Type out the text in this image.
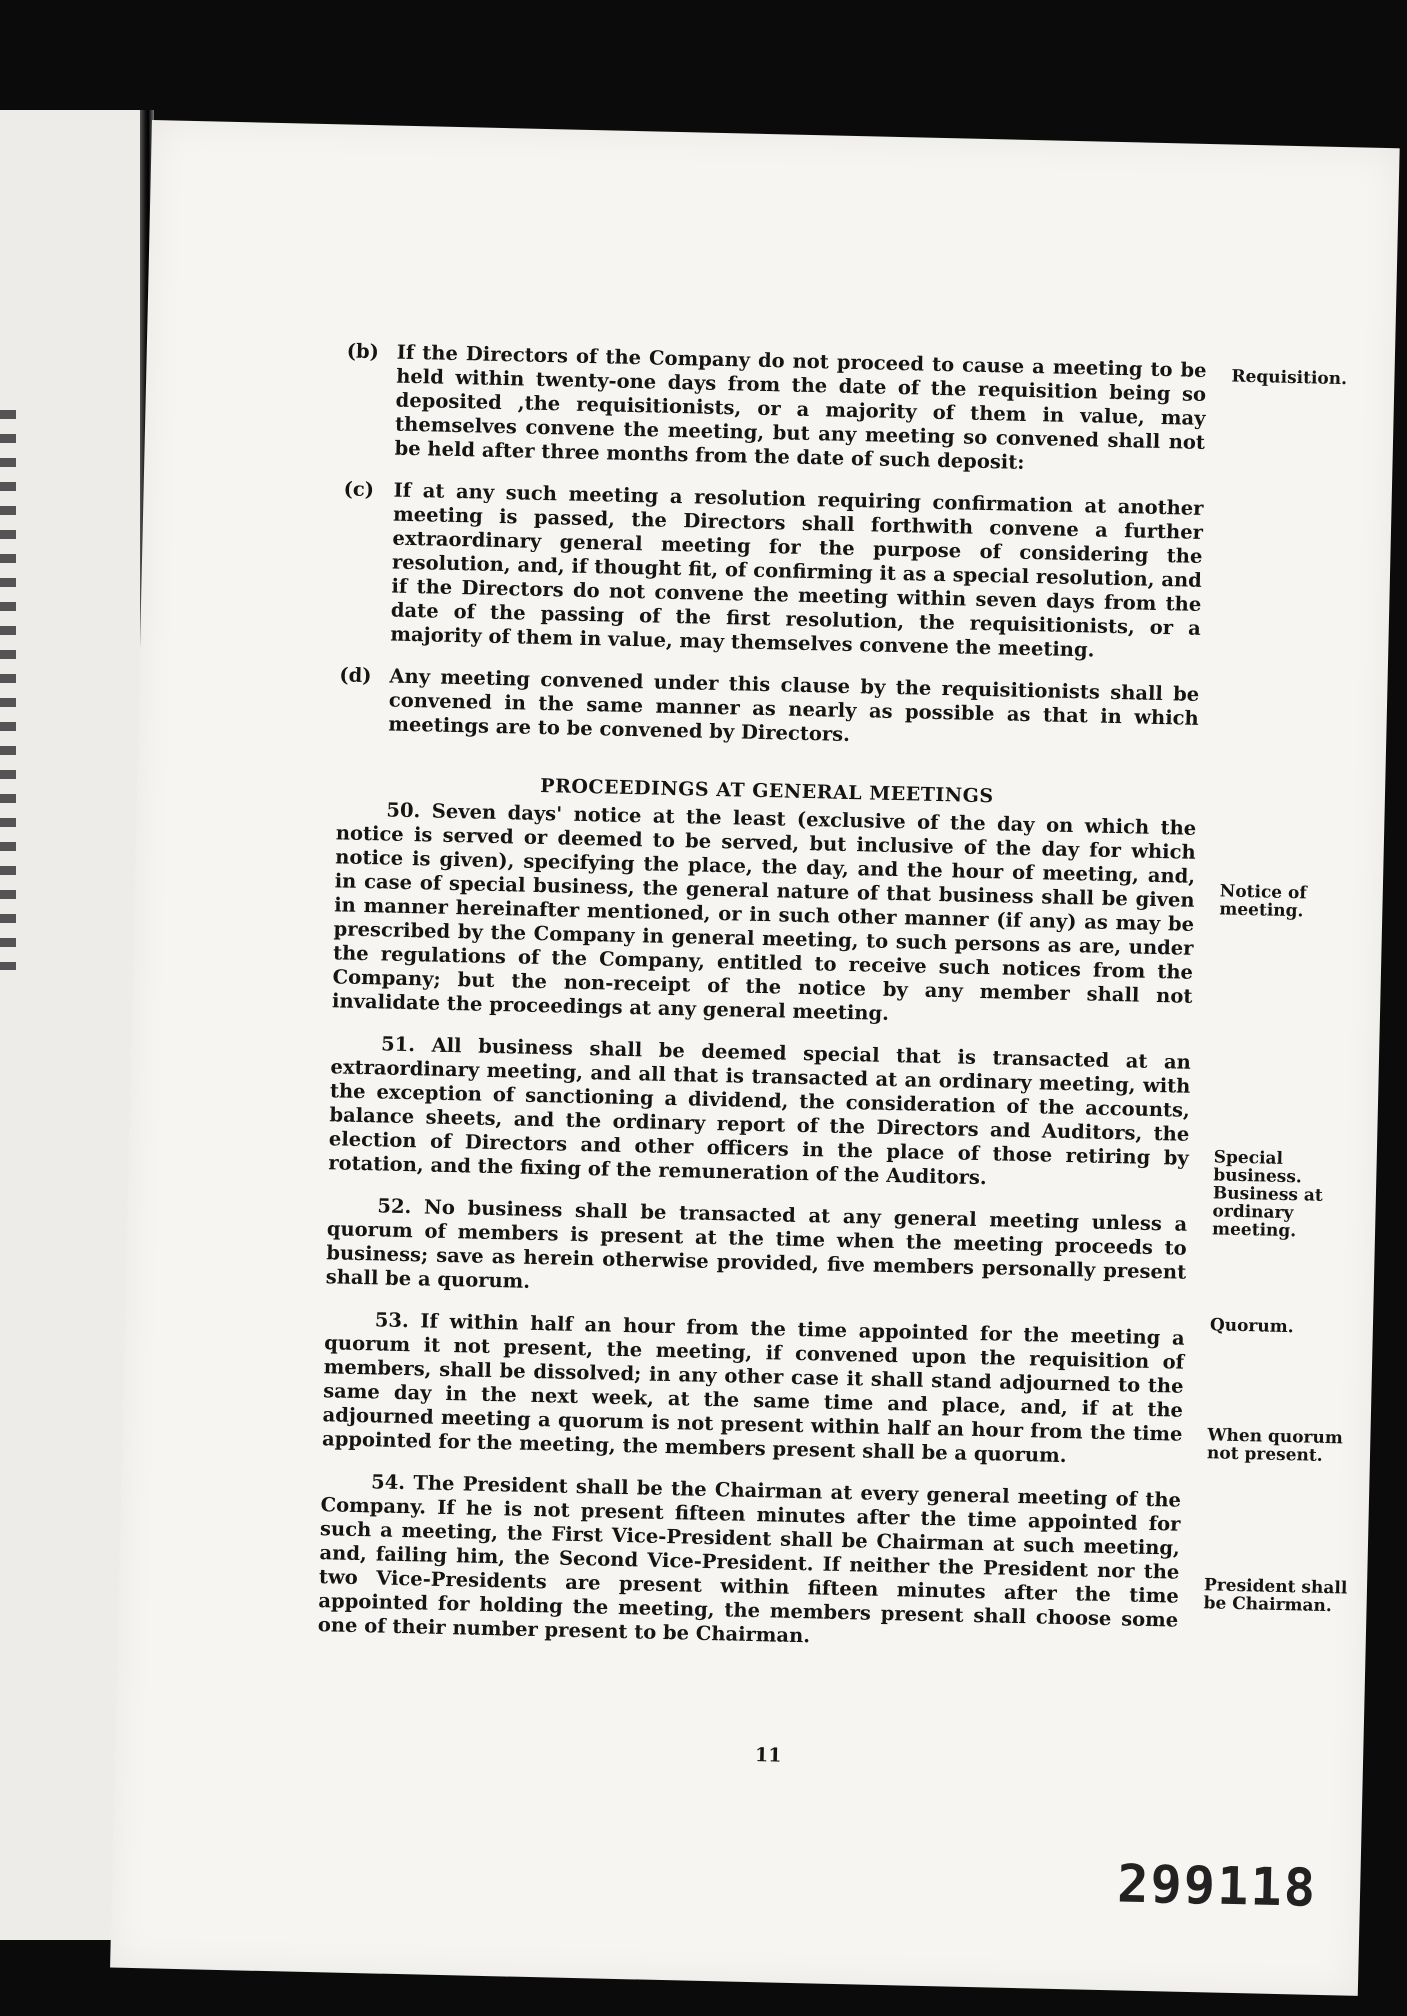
(b) If the Directors of the Company do not proceed to cause a meeting to be held within twenty-one days from the date of the requisition being so deposited ,the requisitionists, or a majority of them in value, may themselves convene the meeting, but any meeting so convened shall not be held after three months from the date of such deposit:
(c) If at any such meeting a resolution requiring confirmation at another meeting is passed, the Directors shall forthwith convene a further extraordinary general meeting for the purpose of considering the resolution, and, if thought fit, of confirming it as a special resolution, and if the Directors do not convene the meeting within seven days from the date of the passing of the first resolution, the requisitionists, or a majority of them in value, may themselves convene the meeting.
(d) Any meeting convened under this clause by the requisitionists shall be convened in the same manner as nearly as possible as that in which meetings are to be convened by Directors.
PROCEEDINGS AT GENERAL MEETINGS

50. Seven days' notice at the least (exclusive of the day on which the notice is served or deemed to be served, but inclusive of the day for which notice is given), specifying the place, the day, and the hour of meeting, and, in case of special business, the general nature of that business shall be given in manner hereinafter mentioned, or in such other manner (if any) as may be prescribed by the Company in general meeting, to such persons as are, under the regulations of the Company, entitled to receive such notices from the Company; but the non-receipt of the notice by any member shall not invalidate the proceedings at any general meeting.

51. All business shall be deemed special that is transacted at an extraordinary meeting, and all that is transacted at an ordinary meeting, with the exception of sanctioning a dividend, the consideration of the accounts, balance sheets, and the ordinary report of the Directors and Auditors, the election of Directors and other officers in the place of those retiring by rotation, and the fixing of the remuneration of the Auditors.

52. No business shall be transacted at any general meeting unless a quorum of members is present at the time when the meeting proceeds to business; save as herein otherwise provided, five members personally present shall be a quorum.

53. If within half an hour from the time appointed for the meeting a quorum it not present, the meeting, if convened upon the requisition of members, shall be dissolved; in any other case it shall stand adjourned to the same day in the next week, at the same time and place, and, if at the adjourned meeting a quorum is not present within half an hour from the time appointed for the meeting, the members present shall be a quorum.

54. The President shall be the Chairman at every general meeting of the Company. If he is not present fifteen minutes after the time appointed for such a meeting, the First Vice-President shall be Chairman at such meeting, and, failing him, the Second Vice-President. If neither the President nor the two Vice-Presidents are present within fifteen minutes after the time appointed for holding the meeting, the members present shall choose some one of their number present to be Chairman.

Requisition.
Notice of meeting.
Special business. Business at ordinary meeting.
Quorum.
When quorum not present.
President shall be Chairman.
11
299118
